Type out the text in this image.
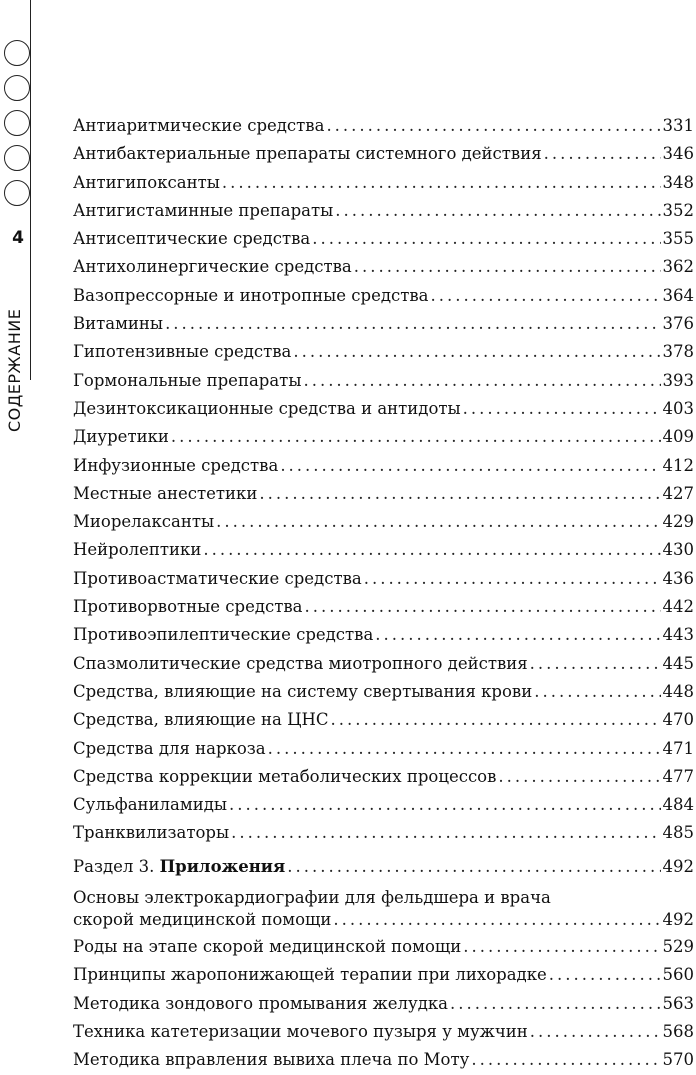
4
СОДЕРЖАНИЕ
Антиаритмические средства .....	331
Антибактериальные препараты системного действия .....	346
Антигипоксанты .....	348
Антигистаминные препараты .....	352
Антисептические средства .....	355
Антихолинергические средства .....	362
Вазопрессорные и инотропные средства .....	364
Витамины .....	376
Гипотензивные средства .....	378
Гормональные препараты .....	393
Дезинтоксикационные средства и антидоты .....	403
Диуретики .....	409
Инфузионные средства .....	412
Местные анестетики .....	427
Миорелаксанты .....	429
Нейролептики .....	430
Противоастматические средства .....	436
Противорвотные средства .....	442
Противоэпилептические средства .....	443
Спазмолитические средства миотропного действия .....	445
Средства, влияющие на систему свертывания крови .....	448
Средства, влияющие на ЦНС .....	470
Средства для наркоза .....	471
Средства коррекции метаболических процессов .....	477
Сульфаниламиды .....	484
Транквилизаторы .....	485
Раздел 3. Приложения .....	492
Основы электрокардиографии для фельдшера и врача
скорой медицинской помощи .....	492
Роды на этапе скорой медицинской помощи .....	529
Принципы жаропонижающей терапии при лихорадке .....	560
Методика зондового промывания желудка .....	563
Техника катетеризации мочевого пузыря у мужчин .....	568
Методика вправления вывиха плеча по Моту .....	570
